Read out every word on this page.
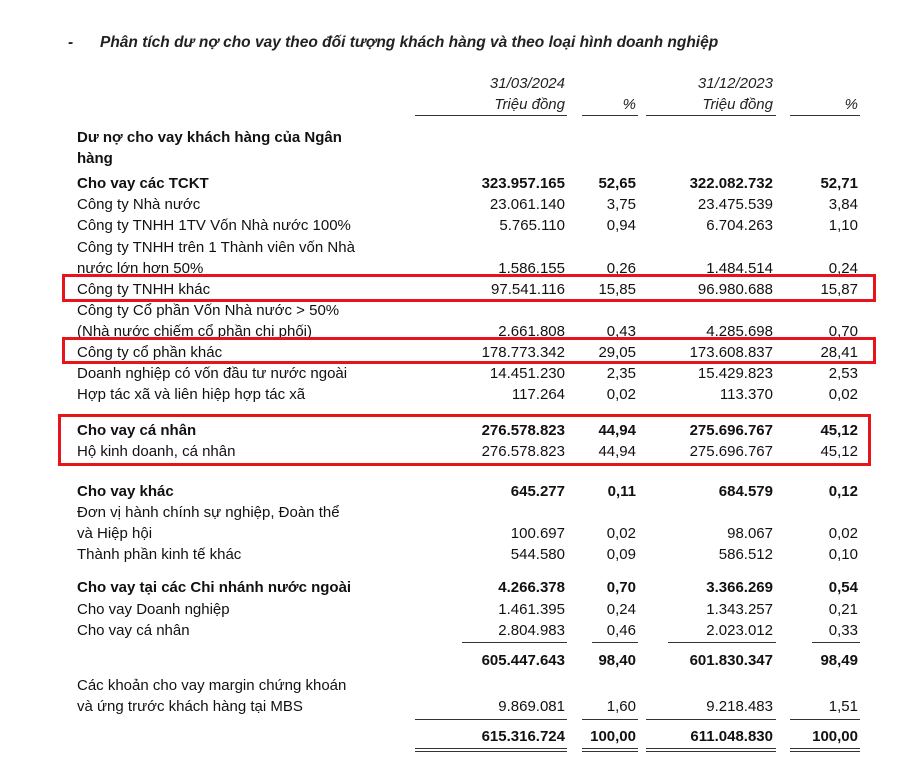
- Phân tích dư nợ cho vay theo đối tượng khách hàng và theo loại hình doanh nghiệp
31/03/2024
Triệu đồng	%
31/12/2023
Triệu đồng	%
Dư nợ cho vay khách hàng của Ngân
hàng
Cho vay các TCKT	323.957.165 52,65	322.082.732	52,71
Công ty Nhà nước	23.061.140	3,75	23.475.539	3,84
Công ty TNHH 1TV Vốn Nhà nước 100%	5.765.110	0,94	6.704.263	1,10
Công ty TNHH trên 1 Thành viên vốn Nhà
nước lớn hơn 50%	1.586.155	0,26	1.484.514	0,24
Công ty TNHH khác	97.541.116 15,85	96.980.688	15,87
Công ty Cổ phần Vốn Nhà nước > 50%
(Nhà nước chiếm cổ phần chi phối)	2.661.808	0,43	4.285.698	0,70
Công ty cổ phần khác	178.773.342 29,05	173.608.837	28,41
Doanh nghiệp có vốn đầu tư nước ngoài	14.451.230	2,35	15.429.823	2,53
Hợp tác xã và liên hiệp hợp tác xã	117.264	0,02	113.370	0,02
Cho vay cá nhân	276.578.823 44,94	275.696.767	45,12
Hộ kinh doanh, cá nhân	276.578.823 44,94	275.696.767	45,12
Cho vay khác	645.277	0,11	684.579	0,12
Đơn vị hành chính sự nghiệp, Đoàn thể
và Hiệp hội	100.697	0,02	98.067	0,02
Thành phần kinh tế khác	544.580	0,09	586.512	0,10
Cho vay tại các Chi nhánh nước ngoài	4.266.378	0,70	3.366.269	0,54
Cho vay Doanh nghiệp	1.461.395	0,24	1.343.257	0,21
Cho vay cá nhân	2.804.983	0,46	2.023.012	0,33
605.447.643 98,40	601.830.347	98,49
Các khoản cho vay margin chứng khoán
và ứng trước khách hàng tại MBS	9.869.081	1,60	9.218.483	1,51
615.316.724 100,00	611.048.830	100,00
